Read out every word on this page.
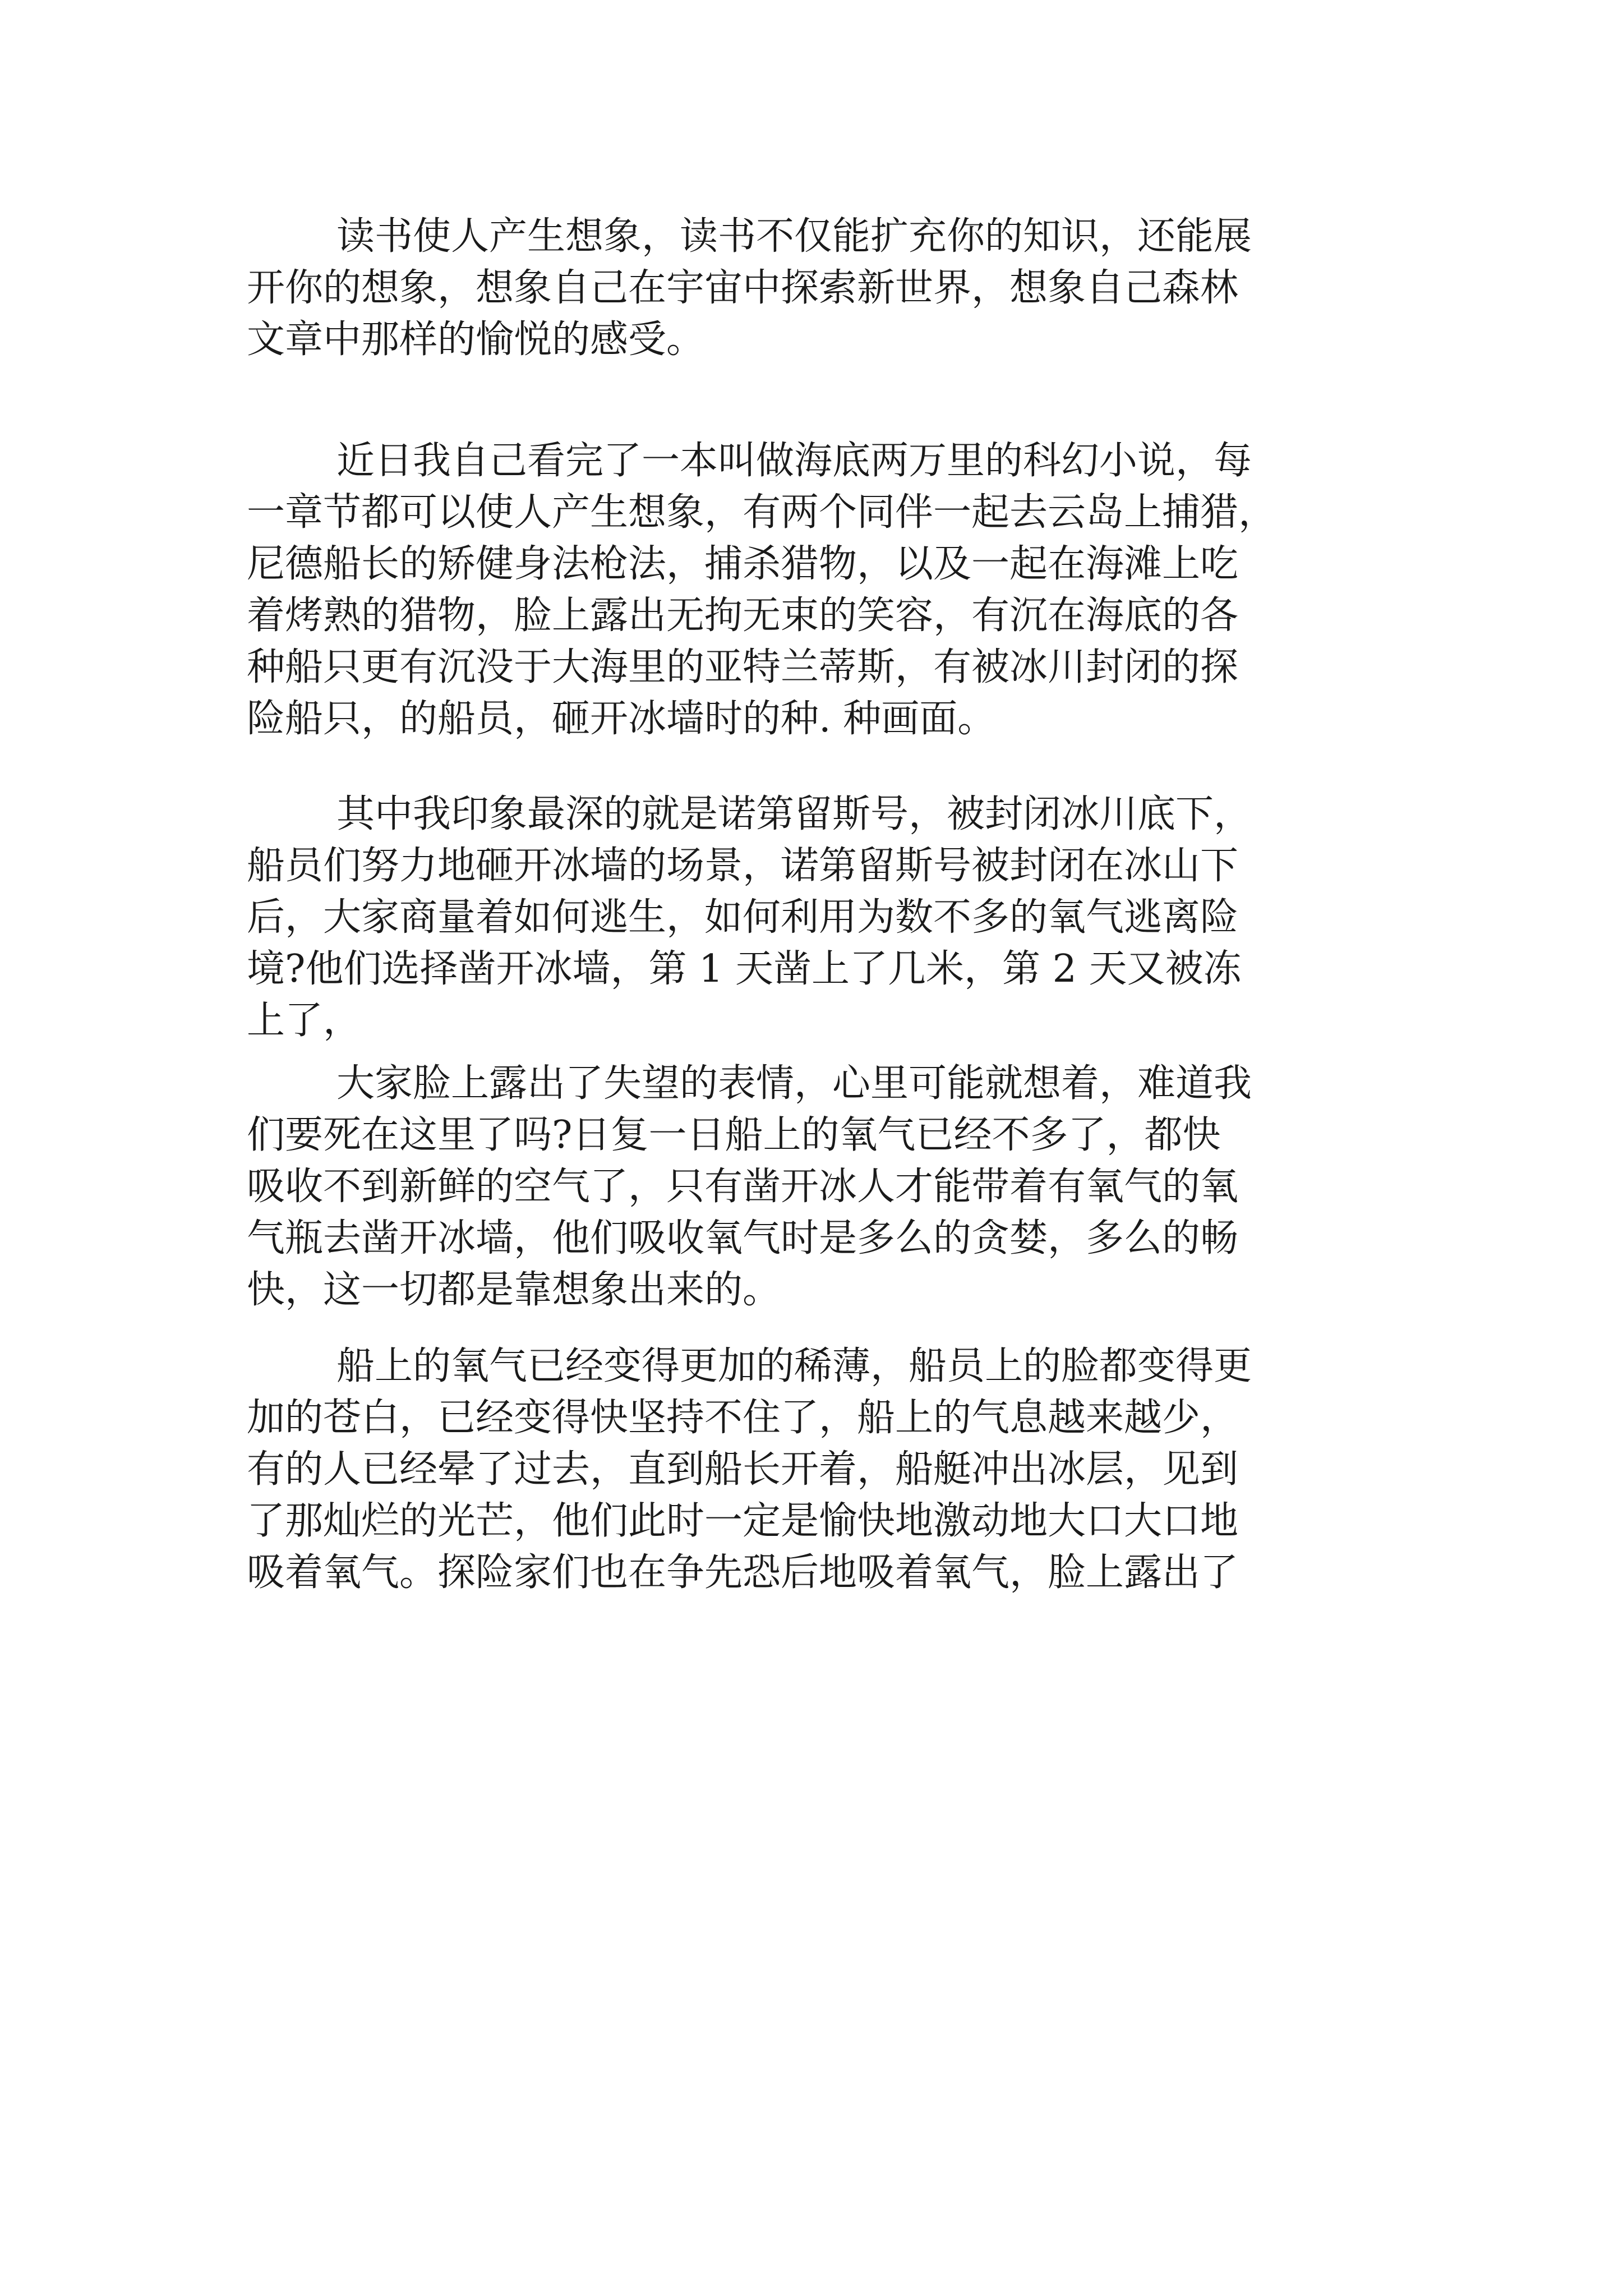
读书使人产生想象，读书不仅能扩充你的知识，还能展
开你的想象，想象自己在宇宙中探索新世界，想象自己森林
文章中那样的愉悦的感受。
近日我自己看完了一本叫做海底两万里的科幻小说，每
一章节都可以使人产生想象，有两个同伴一起去云岛上捕猎，
尼德船长的矫健身法枪法，捕杀猎物，以及一起在海滩上吃
着烤熟的猎物，脸上露出无拘无束的笑容，有沉在海底的各
种船只更有沉没于大海里的亚特兰蒂斯，有被冰川封闭的探
险船只，的船员，砸开冰墙时的种. 种画面。
其中我印象最深的就是诺第留斯号，被封闭冰川底下，
船员们努力地砸开冰墙的场景，诺第留斯号被封闭在冰山下
后，大家商量着如何逃生，如何利用为数不多的氧气逃离险
境?他们选择凿开冰墙，第 1 天凿上了几米，第 2 天又被冻
上了，
大家脸上露出了失望的表情，心里可能就想着，难道我
们要死在这里了吗?日复一日船上的氧气已经不多了，都快
吸收不到新鲜的空气了，只有凿开冰人才能带着有氧气的氧
气瓶去凿开冰墙，他们吸收氧气时是多么的贪婪，多么的畅
快，这一切都是靠想象出来的。
船上的氧气已经变得更加的稀薄，船员上的脸都变得更
加的苍白，已经变得快坚持不住了，船上的气息越来越少，
有的人已经晕了过去，直到船长开着，船艇冲出冰层，见到
了那灿烂的光芒，他们此时一定是愉快地激动地大口大口地
吸着氧气。探险家们也在争先恐后地吸着氧气，脸上露出了
